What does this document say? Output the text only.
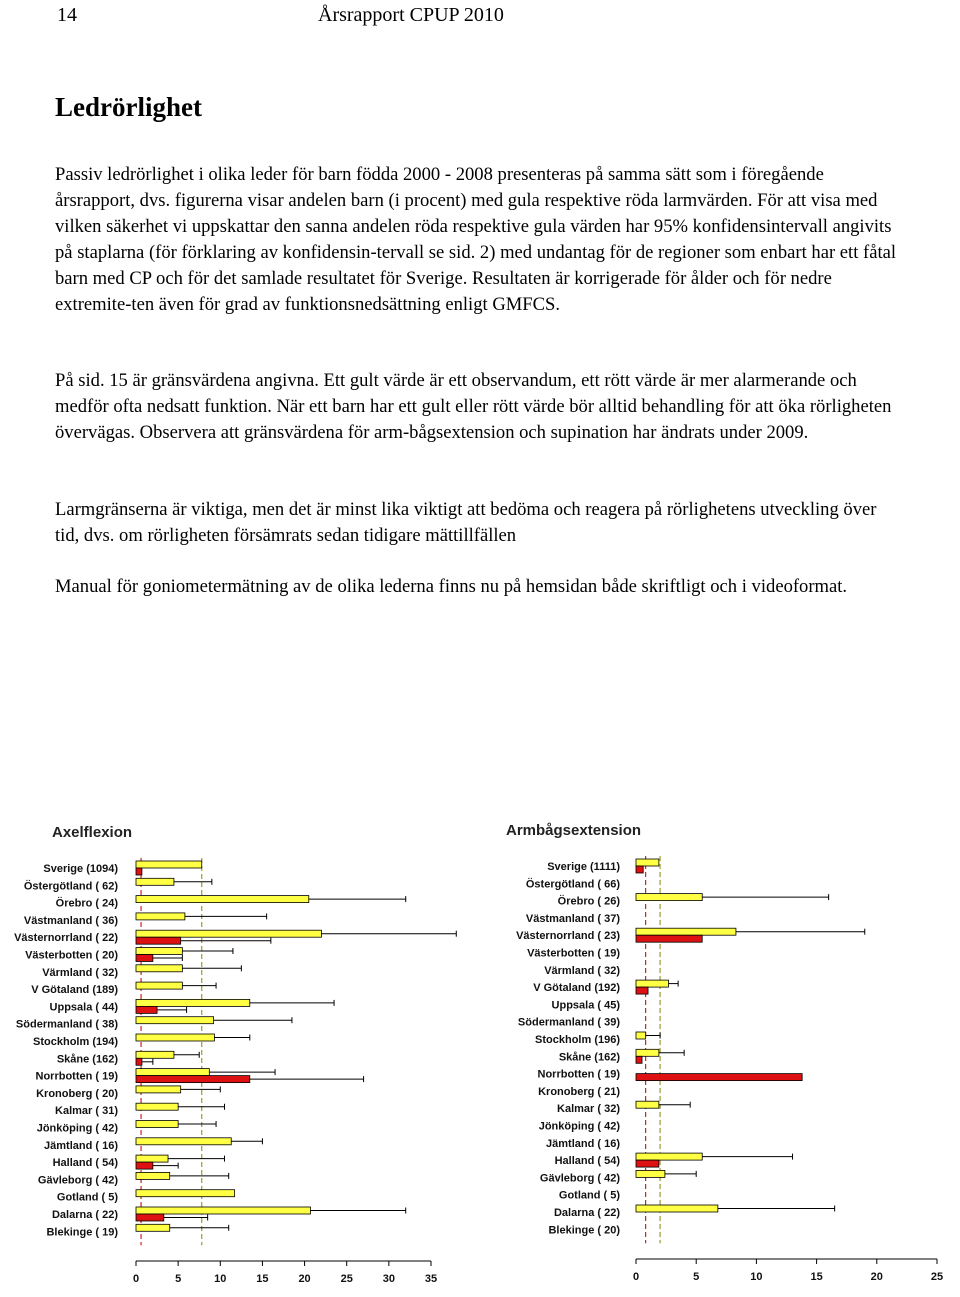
14	Årsrapport CPUP 2010
Ledrörlighet

Passiv ledrörlighet i olika leder för barn födda 2000 - 2008 presenteras på samma sätt som i föregående årsrapport, dvs. figurerna visar andelen barn (i procent) med gula respektive röda larmvärden. För att visa med vilken säkerhet vi uppskattar den sanna andelen röda respektive gula värden har 95% konfidensintervall angivits på staplarna (för förklaring av konfidensin-tervall se sid. 2) med undantag för de regioner som enbart har ett fåtal barn med CP och för det samlade resultatet för Sverige. Resultaten är korrigerade för ålder och för nedre extremite-ten även för grad av funktionsnedsättning enligt GMFCS.

På sid. 15 är gränsvärdena angivna. Ett gult värde är ett observandum, ett rött värde är mer alarmerande och medför ofta nedsatt funktion. När ett barn har ett gult eller rött värde bör alltid behandling för att öka rörligheten övervägas. Observera att gränsvärdena för arm-bågsextension och supination har ändrats under 2009.

Larmgränserna är viktiga, men det är minst lika viktigt att bedöma och reagera på rörlighetens utveckling över tid, dvs. om rörligheten försämrats sedan tidigare mättillfällen

Manual för goniometermätning av de olika lederna finns nu på hemsidan både skriftligt och i videoformat.

Axelflexion
Sverige (1094)
Östergötland ( 62)
Örebro ( 24)
Västmanland ( 36)
Västernorrland ( 22)
Västerbotten ( 20)
Värmland ( 32)
V Götaland (189)
Uppsala ( 44)
Södermanland ( 38)
Stockholm (194)
Skåne (162)
Norrbotten ( 19)
Kronoberg ( 20)
Kalmar ( 31)
Jönköping ( 42)
Jämtland ( 16)
Halland ( 54)
Gävleborg ( 42)
Gotland ( 5)
Dalarna ( 22)
Blekinge ( 19)
0	5	10	15	20	25	30	35
Armbågsextension
Sverige (1111)
Östergötland ( 66)
Örebro ( 26)
Västmanland ( 37)
Västernorrland ( 23)
Västerbotten ( 19)
Värmland ( 32)
V Götaland (192)
Uppsala ( 45)
Södermanland ( 39)
Stockholm (196)
Skåne (162)
Norrbotten ( 19)
Kronoberg ( 21)
Kalmar ( 32)
Jönköping ( 42)
Jämtland ( 16)
Halland ( 54)
Gävleborg ( 42)
Gotland ( 5)
Dalarna ( 22)
Blekinge ( 20)
0	5	10	15	20	25
